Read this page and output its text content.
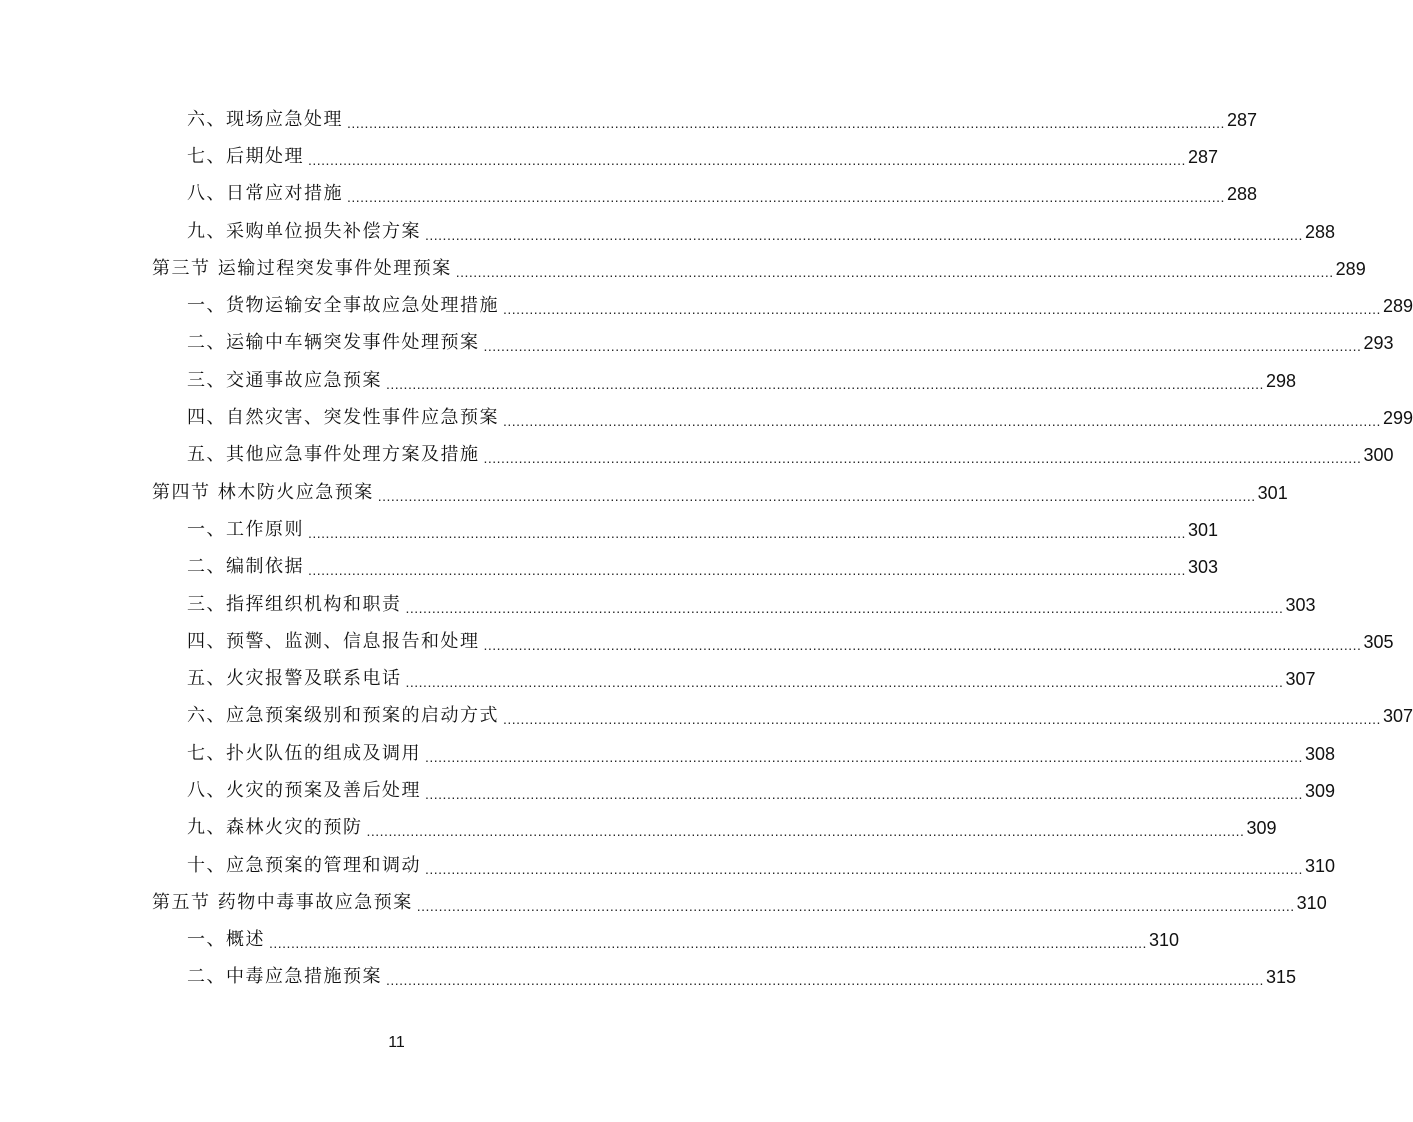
六、现场应急处理 ........................................................................................................................................................................................................ 287
七、后期处理 ........................................................................................................................................................................................................ 287
八、日常应对措施 ........................................................................................................................................................................................................ 288
九、采购单位损失补偿方案 ........................................................................................................................................................................................................ 288
第三节 运输过程突发事件处理预案 ........................................................................................................................................................................................................ 289
一、货物运输安全事故应急处理措施 ........................................................................................................................................................................................................ 289
二、运输中车辆突发事件处理预案 ........................................................................................................................................................................................................ 293
三、交通事故应急预案 ........................................................................................................................................................................................................ 298
四、自然灾害、突发性事件应急预案 ........................................................................................................................................................................................................ 299
五、其他应急事件处理方案及措施 ........................................................................................................................................................................................................ 300
第四节 林木防火应急预案 ........................................................................................................................................................................................................ 301
一、工作原则 ........................................................................................................................................................................................................ 301
二、编制依据 ........................................................................................................................................................................................................ 303
三、指挥组织机构和职责 ........................................................................................................................................................................................................ 303
四、预警、监测、信息报告和处理 ........................................................................................................................................................................................................ 305
五、火灾报警及联系电话 ........................................................................................................................................................................................................ 307
六、应急预案级别和预案的启动方式 ........................................................................................................................................................................................................ 307
七、扑火队伍的组成及调用 ........................................................................................................................................................................................................ 308
八、火灾的预案及善后处理 ........................................................................................................................................................................................................ 309
九、森林火灾的预防 ........................................................................................................................................................................................................ 309
十、应急预案的管理和调动 ........................................................................................................................................................................................................ 310
第五节 药物中毒事故应急预案 ........................................................................................................................................................................................................ 310
一、概述 ........................................................................................................................................................................................................ 310
二、中毒应急措施预案 ........................................................................................................................................................................................................ 315
11
